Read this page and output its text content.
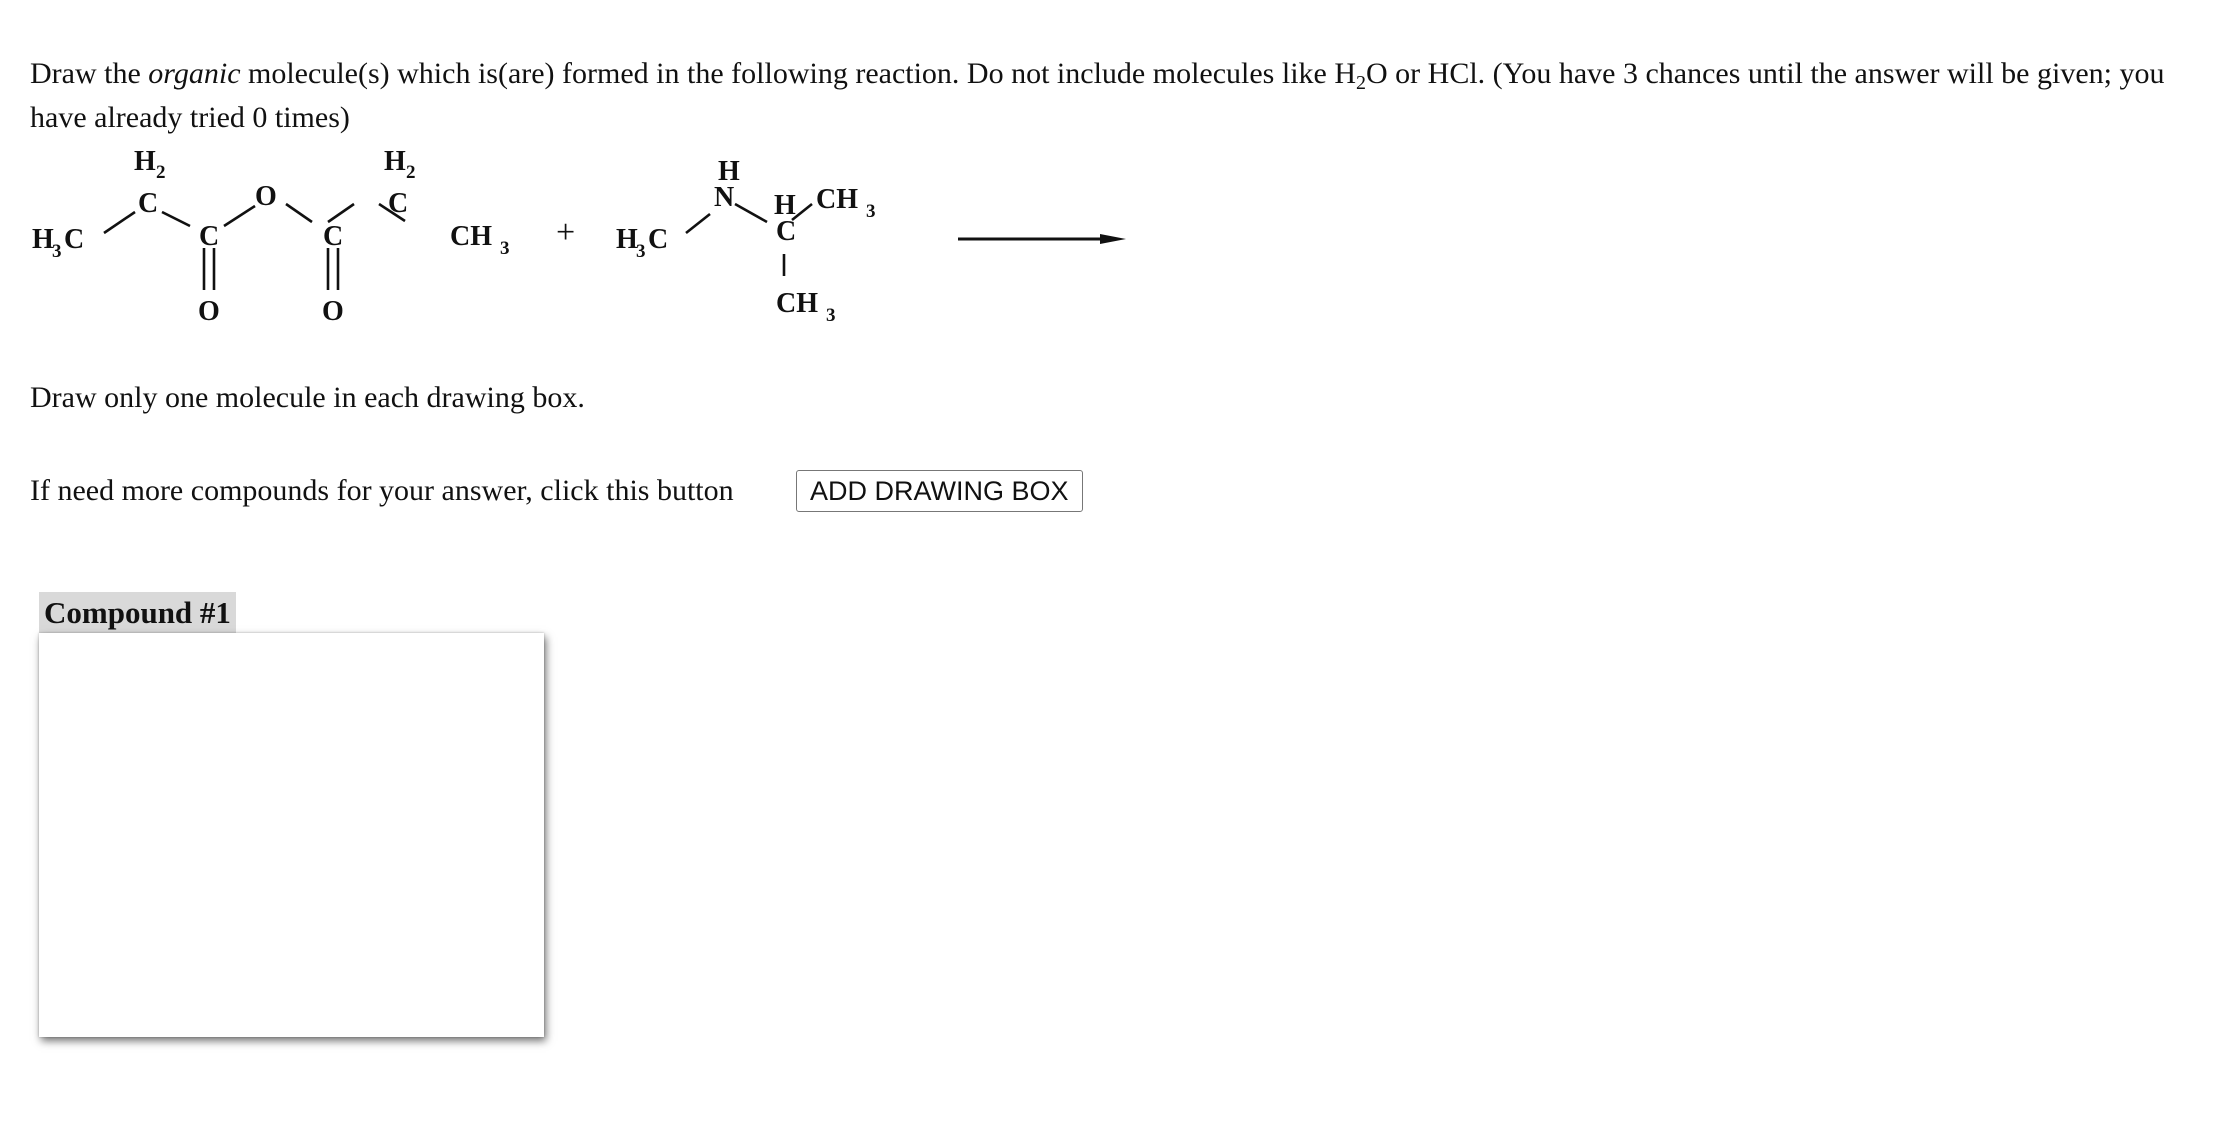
Draw the organic molecule(s) which is(are) formed in the following reaction. Do not include molecules like $H_2O$ or HCl. (You have 3 chances until the answer will be given; you have already tried 0 times)
H
3 C
H 2
C
C
O
O
C
O
H 2
C
CH 3 +
H
N H
C
CH 3
CH 3
H
3 C
Draw only one molecule in each drawing box.
If need more compounds for your answer, click this button	ADD DRAWING BOX
Compound #1
